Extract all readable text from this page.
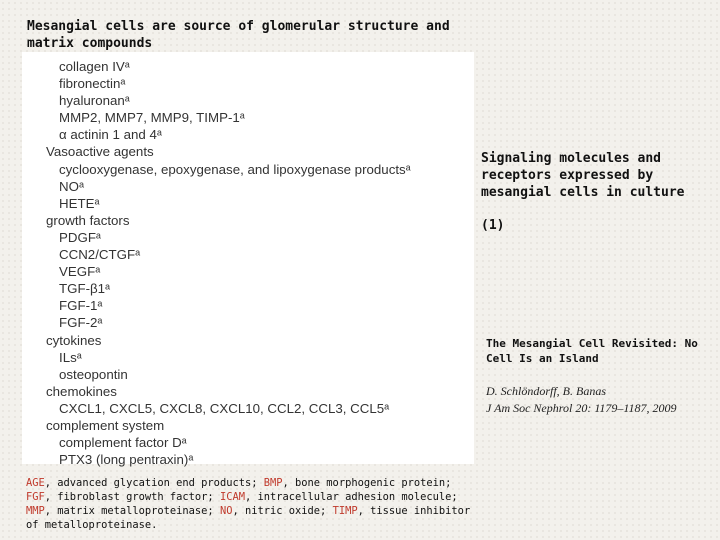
Mesangial cells are source of glomerular structure and matrix compounds
collagen IVᵃ
fibronectinᵃ
hyaluronanᵃ
MMP2, MMP7, MMP9, TIMP-1ᵃ
α actinin 1 and 4ᵃ
Vasoactive agents
cyclooxygenase, epoxygenase, and lipoxygenase productsᵃ
NOᵃ
HETEᵃ
growth factors
PDGFᵃ
CCN2/CTGFᵃ
VEGFᵃ
TGF-β1ᵃ
FGF-1ᵃ
FGF-2ᵃ
cytokines
ILsᵃ
osteopontin
chemokines
CXCL1, CXCL5, CXCL8, CXCL10, CCL2, CCL3, CCL5ᵃ
complement system
complement factor Dᵃ
PTX3 (long pentraxin)ᵃ
AGE, advanced glycation end products; BMP, bone morphogenic protein; FGF, fibroblast growth factor; ICAM, intracellular adhesion molecule; MMP, matrix metalloproteinase; NO, nitric oxide; TIMP, tissue inhibitor of metalloproteinase.
Signaling molecules and receptors expressed by mesangial cells in culture
(1)
The Mesangial Cell Revisited: No Cell Is an Island
D. Schlöndorff, B. Banas
J Am Soc Nephrol 20: 1179–1187, 2009
